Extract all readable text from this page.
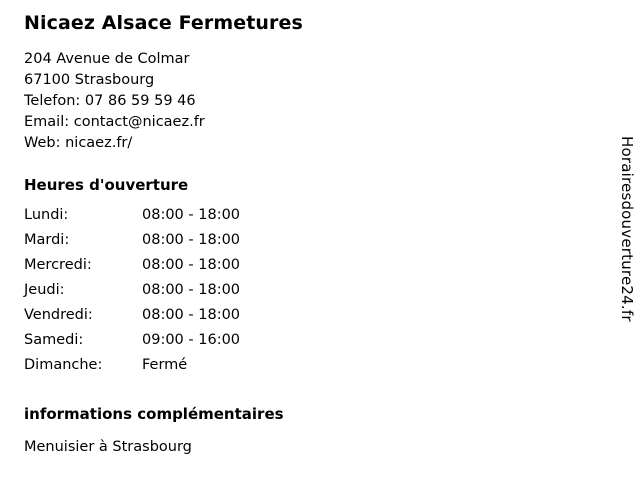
Nicaez Alsace Fermetures
204 Avenue de Colmar
67100 Strasbourg
Telefon: 07 86 59 59 46
Email: contact@nicaez.fr
Web: nicaez.fr/
Heures d'ouverture
Lundi:	08:00 - 18:00
Mardi:	08:00 - 18:00
Mercredi:	08:00 - 18:00
Jeudi:	08:00 - 18:00
Vendredi:	08:00 - 18:00
Samedi:	09:00 - 16:00
Dimanche:	Fermé
informations complémentaires
Menuisier à Strasbourg
Horairesdouverture24.fr
